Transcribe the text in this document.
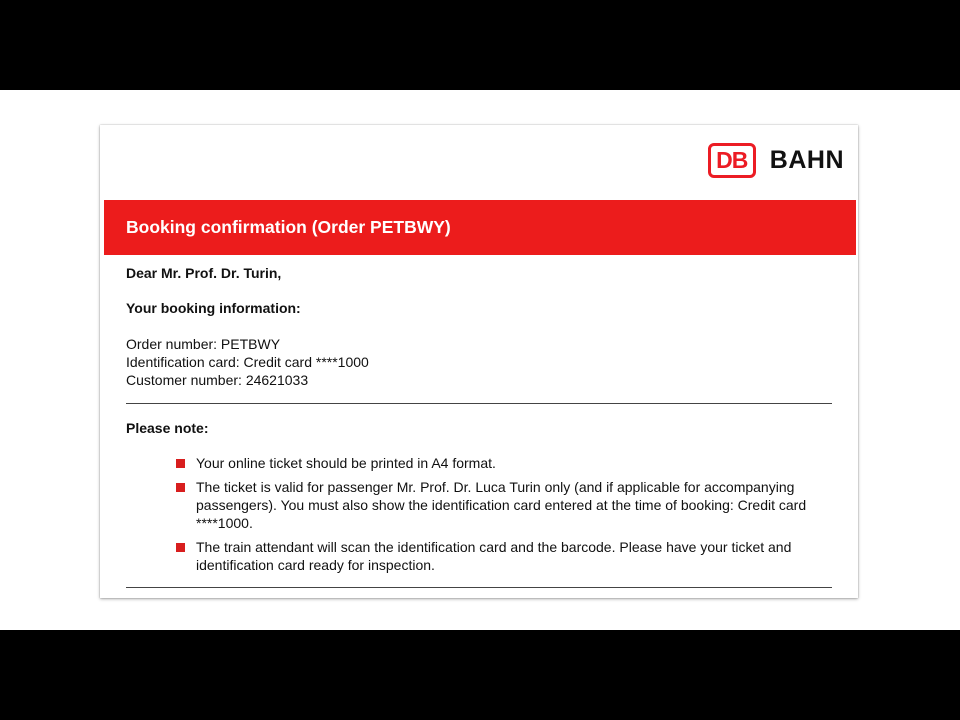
DB BAHN
Booking confirmation (Order PETBWY)

Dear Mr. Prof. Dr. Turin,

Your booking information:

Order number: PETBWY
Identification card: Credit card ****1000
Customer number: 24621033
Please note:
Your online ticket should be printed in A4 format.
The ticket is valid for passenger Mr. Prof. Dr. Luca Turin only (and if applicable for accompanying passengers). You must also show the identification card entered at the time of booking: Credit card ****1000.
The train attendant will scan the identification card and the barcode. Please have your ticket and identification card ready for inspection.
